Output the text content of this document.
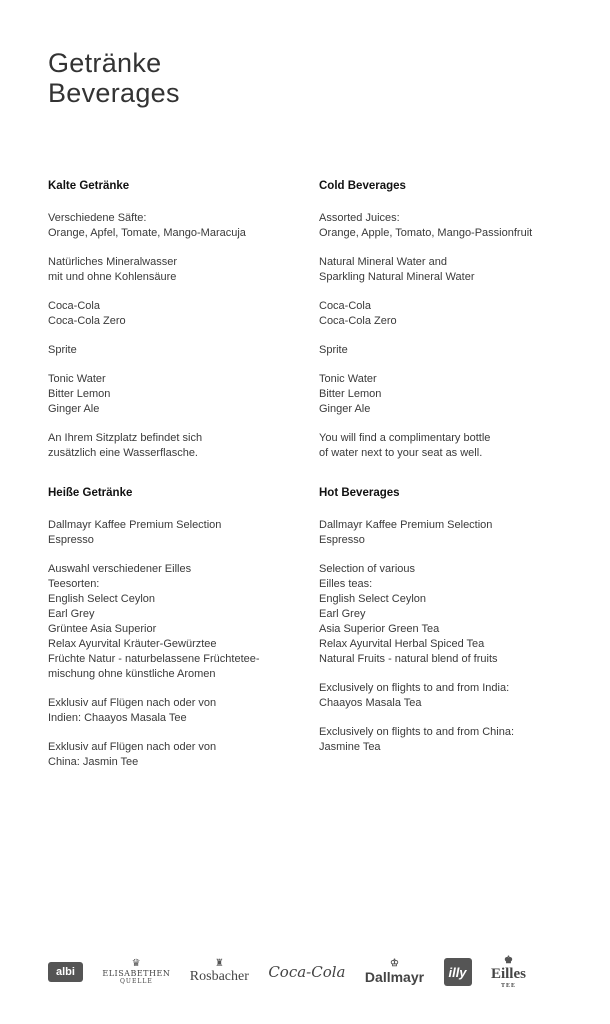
Getränke
Beverages
Kalte Getränke
Verschiedene Säfte:
Orange, Apfel, Tomate, Mango-Maracuja
Natürliches Mineralwasser
mit und ohne Kohlensäure
Coca-Cola
Coca-Cola Zero
Sprite
Tonic Water
Bitter Lemon
Ginger Ale
An Ihrem Sitzplatz befindet sich
zusätzlich eine Wasserflasche.
Heiße Getränke
Dallmayr Kaffee Premium Selection
Espresso
Auswahl verschiedener Eilles
Teesorten:
English Select Ceylon
Earl Grey
Grüntee Asia Superior
Relax Ayurvital Kräuter-Gewürztee
Früchte Natur - naturbelassene Früchtetee-
mischung ohne künstliche Aromen
Exklusiv auf Flügen nach oder von
Indien: Chaayos Masala Tee
Exklusiv auf Flügen nach oder von
China: Jasmin Tee
Cold Beverages
Assorted Juices:
Orange, Apple, Tomato, Mango-Passionfruit
Natural Mineral Water and
Sparkling Natural Mineral Water
Coca-Cola
Coca-Cola Zero
Sprite
Tonic Water
Bitter Lemon
Ginger Ale
You will find a complimentary bottle
of water next to your seat as well.
Hot Beverages
Dallmayr Kaffee Premium Selection
Espresso
Selection of various
Eilles teas:
English Select Ceylon
Earl Grey
Asia Superior Green Tea
Relax Ayurvital Herbal Spiced Tea
Natural Fruits - natural blend of fruits

Exclusively on flights to and from India:
Chaayos Masala Tea
Exclusively on flights to and from China:
Jasmine Tea
albi
♛
ELISABETHEN
QUELLE
♜
Rosbacher Coca-Cola	♔
Dallmayr	illy
♚
Eilles
TEE
